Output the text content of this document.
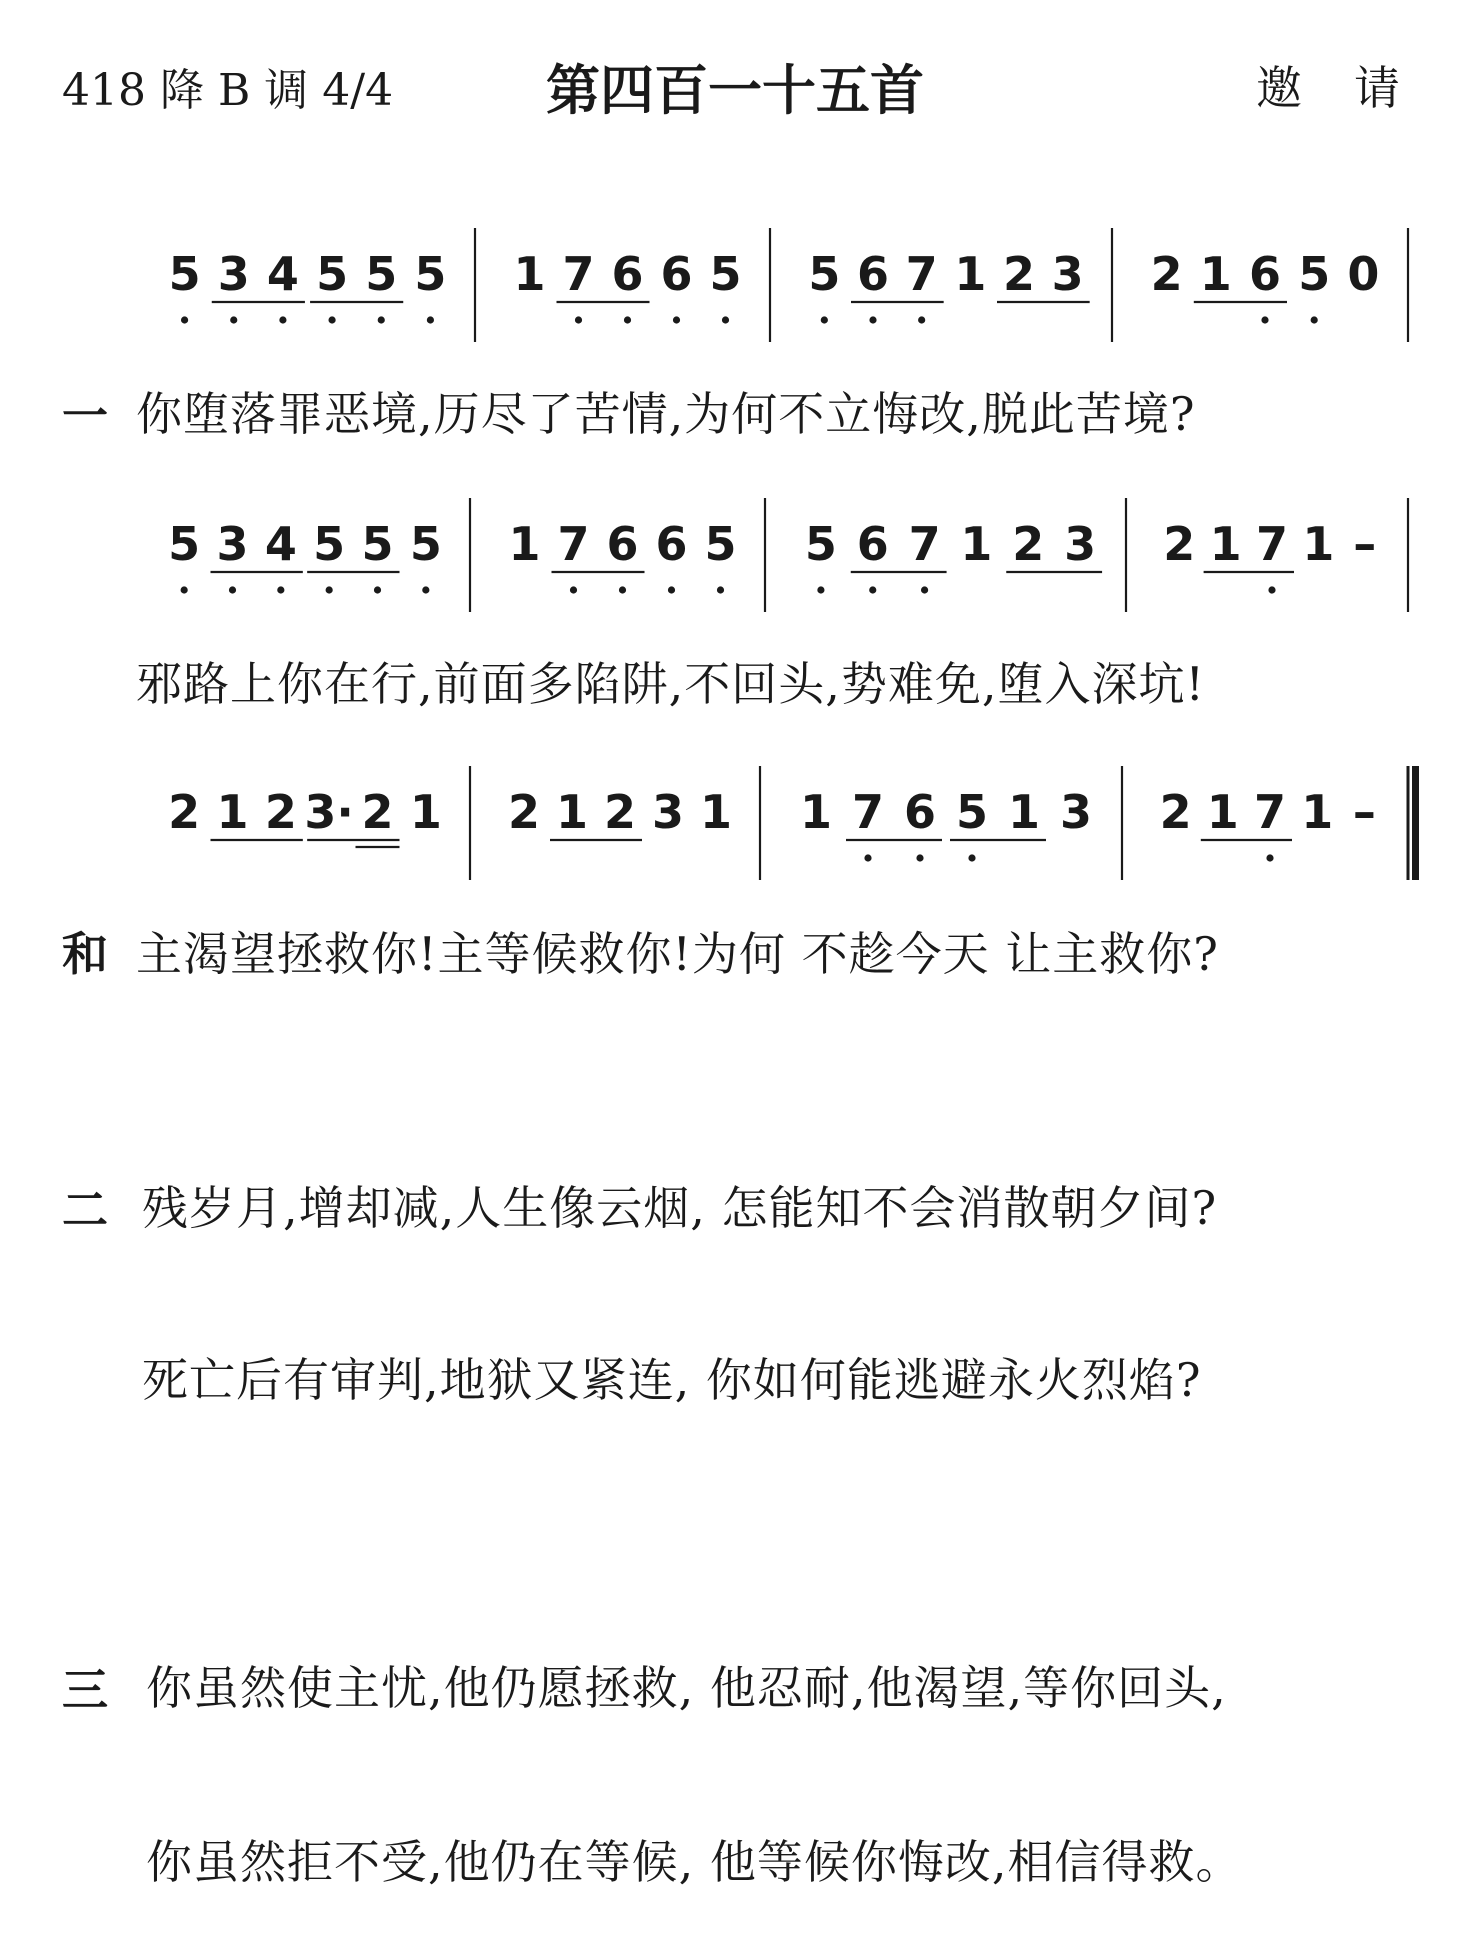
418 降 B 调 4/4	第四百一十五首	邀请
5 3 4 5 5 5 1 7 6 6 5 5 6 7 1 2 3 2 1 6 5 0
5 3 4 5 5 5 1 7 6 6 5 5 6 7 1 2 3 2 1 7 1 –
2 1 2 3· 2 1 2 1 2 3 1 1 7 6 5 1 3 2 1 7 1 –
一 你堕落罪恶境,历尽了苦情,为何不立悔改,脱此苦境?
邪路上你在行,前面多陷阱,不回头,势难免,堕入深坑!
和 主渴望拯救你!主等候救你!为何 不趁今天 让主救你?
二 残岁月,增却减,人生像云烟, 怎能知不会消散朝夕间?
死亡后有审判,地狱又紧连, 你如何能逃避永火烈焰?
三 你虽然使主忧,他仍愿拯救, 他忍耐,他渴望,等你回头,
你虽然拒不受,他仍在等候, 他等候你悔改,相信得救。
